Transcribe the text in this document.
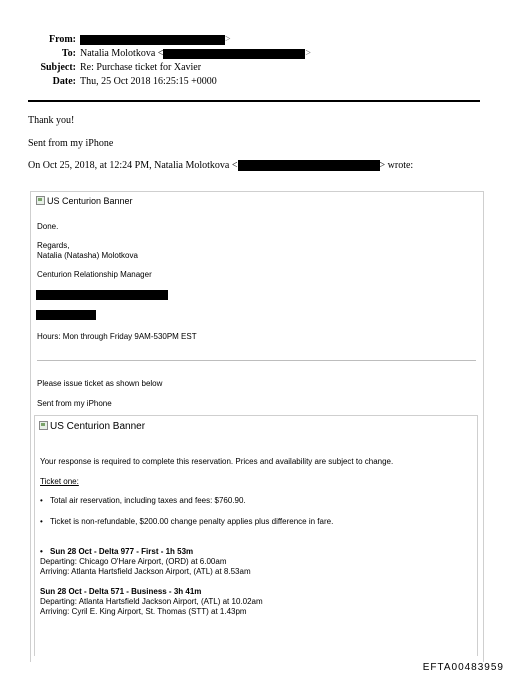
From:	>
To: Natalia Molotkova <	>
Subject: Re: Purchase ticket for Xavier
Date: Thu, 25 Oct 2018 16:25:15 +0000
Thank you!
Sent from my iPhone
On Oct 25, 2018, at 12:24 PM, Natalia Molotkova <	> wrote:
US Centurion Banner
Done.
Regards,
Natalia (Natasha) Molotkova
Centurion Relationship Manager
Hours: Mon through Friday 9AM-530PM EST
Please issue ticket as shown below
Sent from my iPhone
US Centurion Banner
Your response is required to complete this reservation. Prices and availability are subject to change.
Ticket one:
• Total air reservation, including taxes and fees: $760.90.
• Ticket is non-refundable, $200.00 change penalty applies plus difference in fare.
• Sun 28 Oct - Delta 977 - First - 1h 53m
Departing: Chicago O'Hare Airport, (ORD) at 6.00am
Arriving: Atlanta Hartsfield Jackson Airport, (ATL) at 8.53am
Sun 28 Oct - Delta 571 - Business - 3h 41m
Departing: Atlanta Hartsfield Jackson Airport, (ATL) at 10.02am
Arriving: Cyril E. King Airport, St. Thomas (STT) at 1.43pm
EFTA00483959
